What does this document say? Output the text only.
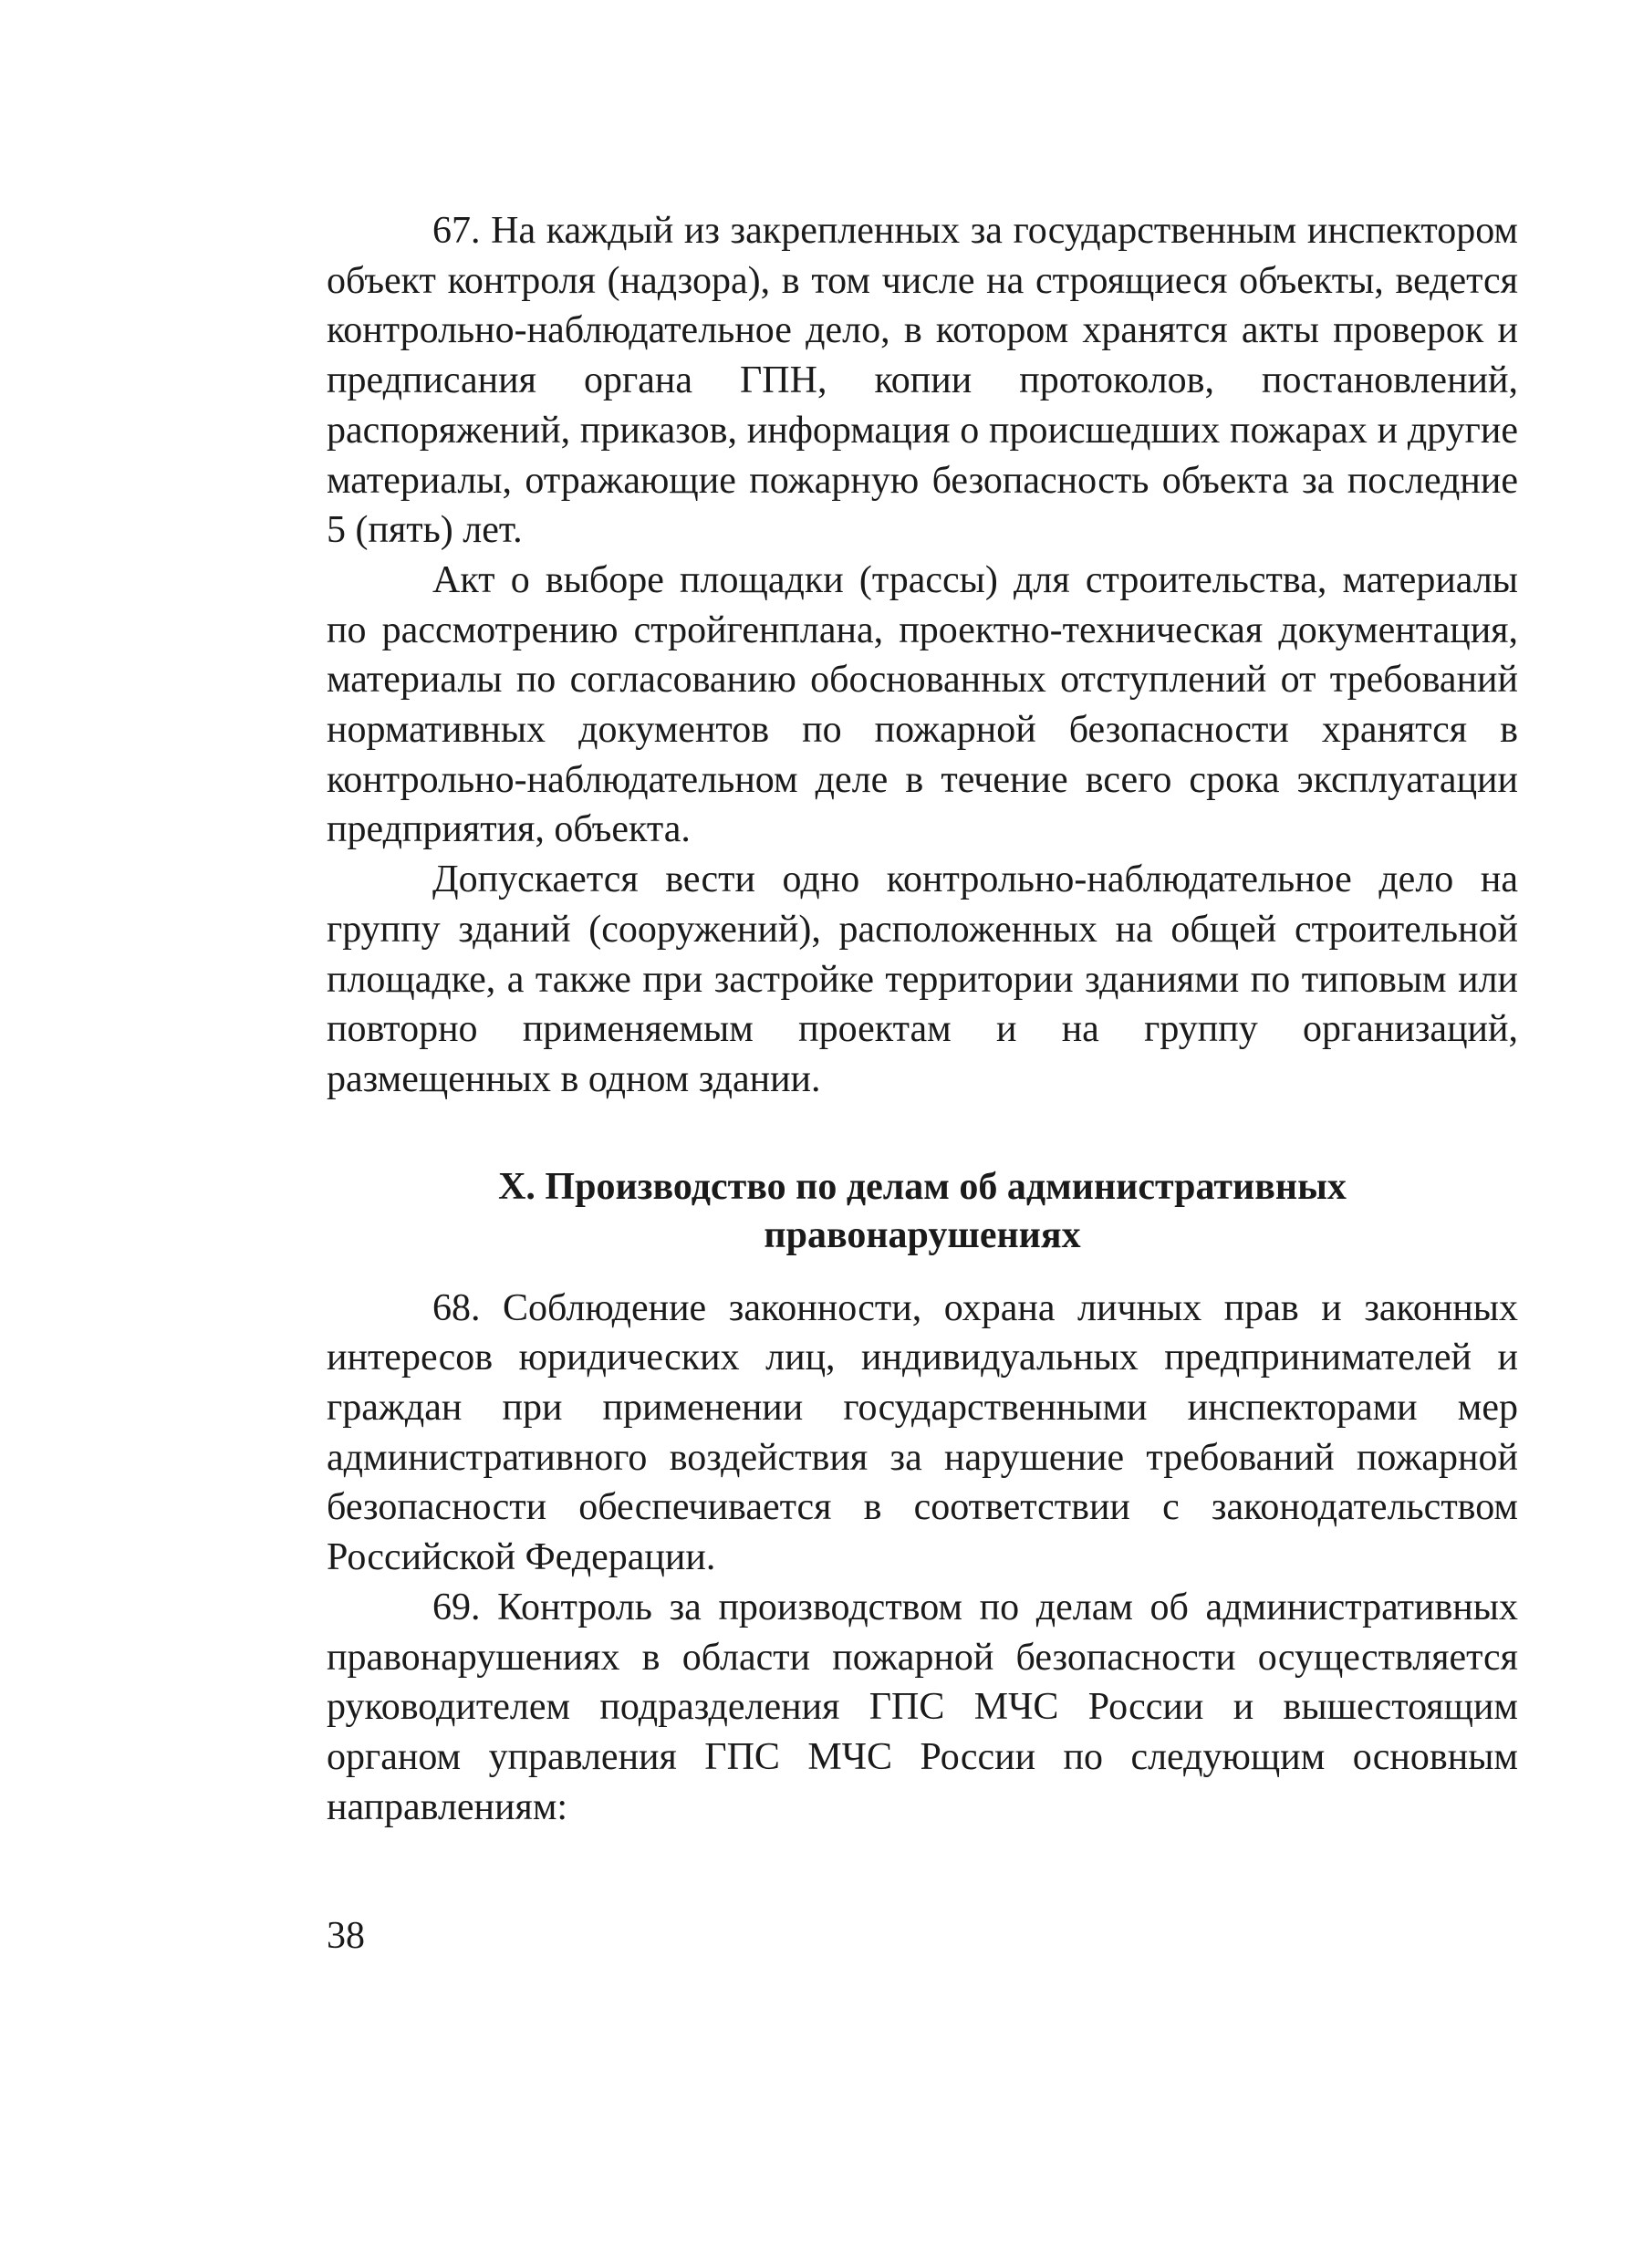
67. На каждый из закрепленных за государственным инспектором объект контроля (надзора), в том числе на строящиеся объекты, ведется контрольно-наблюдательное дело, в котором хранятся акты проверок и предписания органа ГПН, копии протоколов, постановлений, распоряжений, приказов, информация о происшедших пожарах и другие материалы, отражающие пожарную безопасность объекта за последние 5 (пять) лет.

Акт о выборе площадки (трассы) для строительства, материалы по рассмотрению стройгенплана, проектно-техническая документация, материалы по согласованию обоснованных отступлений от требований нормативных документов по пожарной безопасности хранятся в контрольно-наблюдательном деле в течение всего срока эксплуатации предприятия, объекта.

Допускается вести одно контрольно-наблюдательное дело на группу зданий (сооружений), расположенных на общей строительной площадке, а также при застройке территории зданиями по типовым или повторно применяемым проектам и на группу организаций, размещенных в одном здании.

X. Производство по делам об административных правонарушениях

68. Соблюдение законности, охрана личных прав и законных интересов юридических лиц, индивидуальных предпринимателей и граждан при применении государственными инспекторами мер административного воздействия за нарушение требований пожарной безопасности обеспечивается в соответствии с законодательством Российской Федерации.

69. Контроль за производством по делам об административных правонарушениях в области пожарной безопасности осуществляется руководителем подразделения ГПС МЧС России и вышестоящим органом управления ГПС МЧС России по следующим основным направлениям:

38
